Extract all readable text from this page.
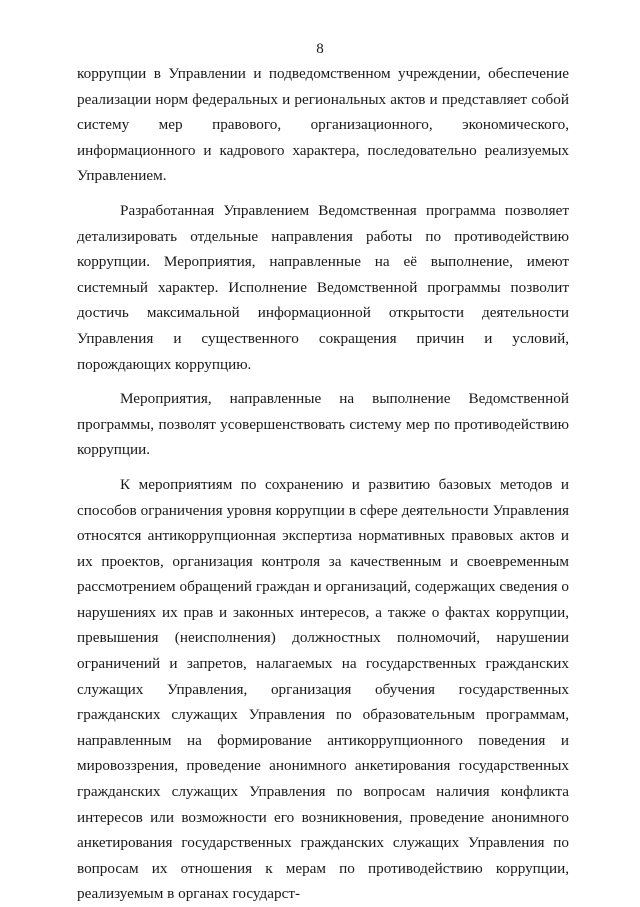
8

коррупции в Управлении и подведомственном учреждении, обеспечение реализации норм федеральных и региональных актов и представляет собой систему мер правового, организационного, экономического, информационного и кадрового характера, последовательно реализуемых Управлением.

Разработанная Управлением Ведомственная программа позволяет детализировать отдельные направления работы по противодействию коррупции. Мероприятия, направленные на её выполнение, имеют системный характер. Исполнение Ведомственной программы позволит достичь максимальной информационной открытости деятельности Управления и существенного сокращения причин и условий, порождающих коррупцию.

Мероприятия, направленные на выполнение Ведомственной программы, позволят усовершенствовать систему мер по противодействию коррупции.

К мероприятиям по сохранению и развитию базовых методов и способов ограничения уровня коррупции в сфере деятельности Управления относятся антикоррупционная экспертиза нормативных правовых актов и их проектов, организация контроля за качественным и своевременным рассмотрением обращений граждан и организаций, содержащих сведения о нарушениях их прав и законных интересов, а также о фактах коррупции, превышения (неисполнения) должностных полномочий, нарушении ограничений и запретов, налагаемых на государственных гражданских служащих Управления, организация обучения государственных гражданских служащих Управления по образовательным программам, направленным на формирование антикоррупционного поведения и мировоззрения, проведение анонимного анкетирования государственных гражданских служащих Управления по вопросам наличия конфликта интересов или возможности его возникновения, проведение анонимного анкетирования государственных гражданских служащих Управления по вопросам их отношения к мерам по противодействию коррупции, реализуемым в органах государст-
